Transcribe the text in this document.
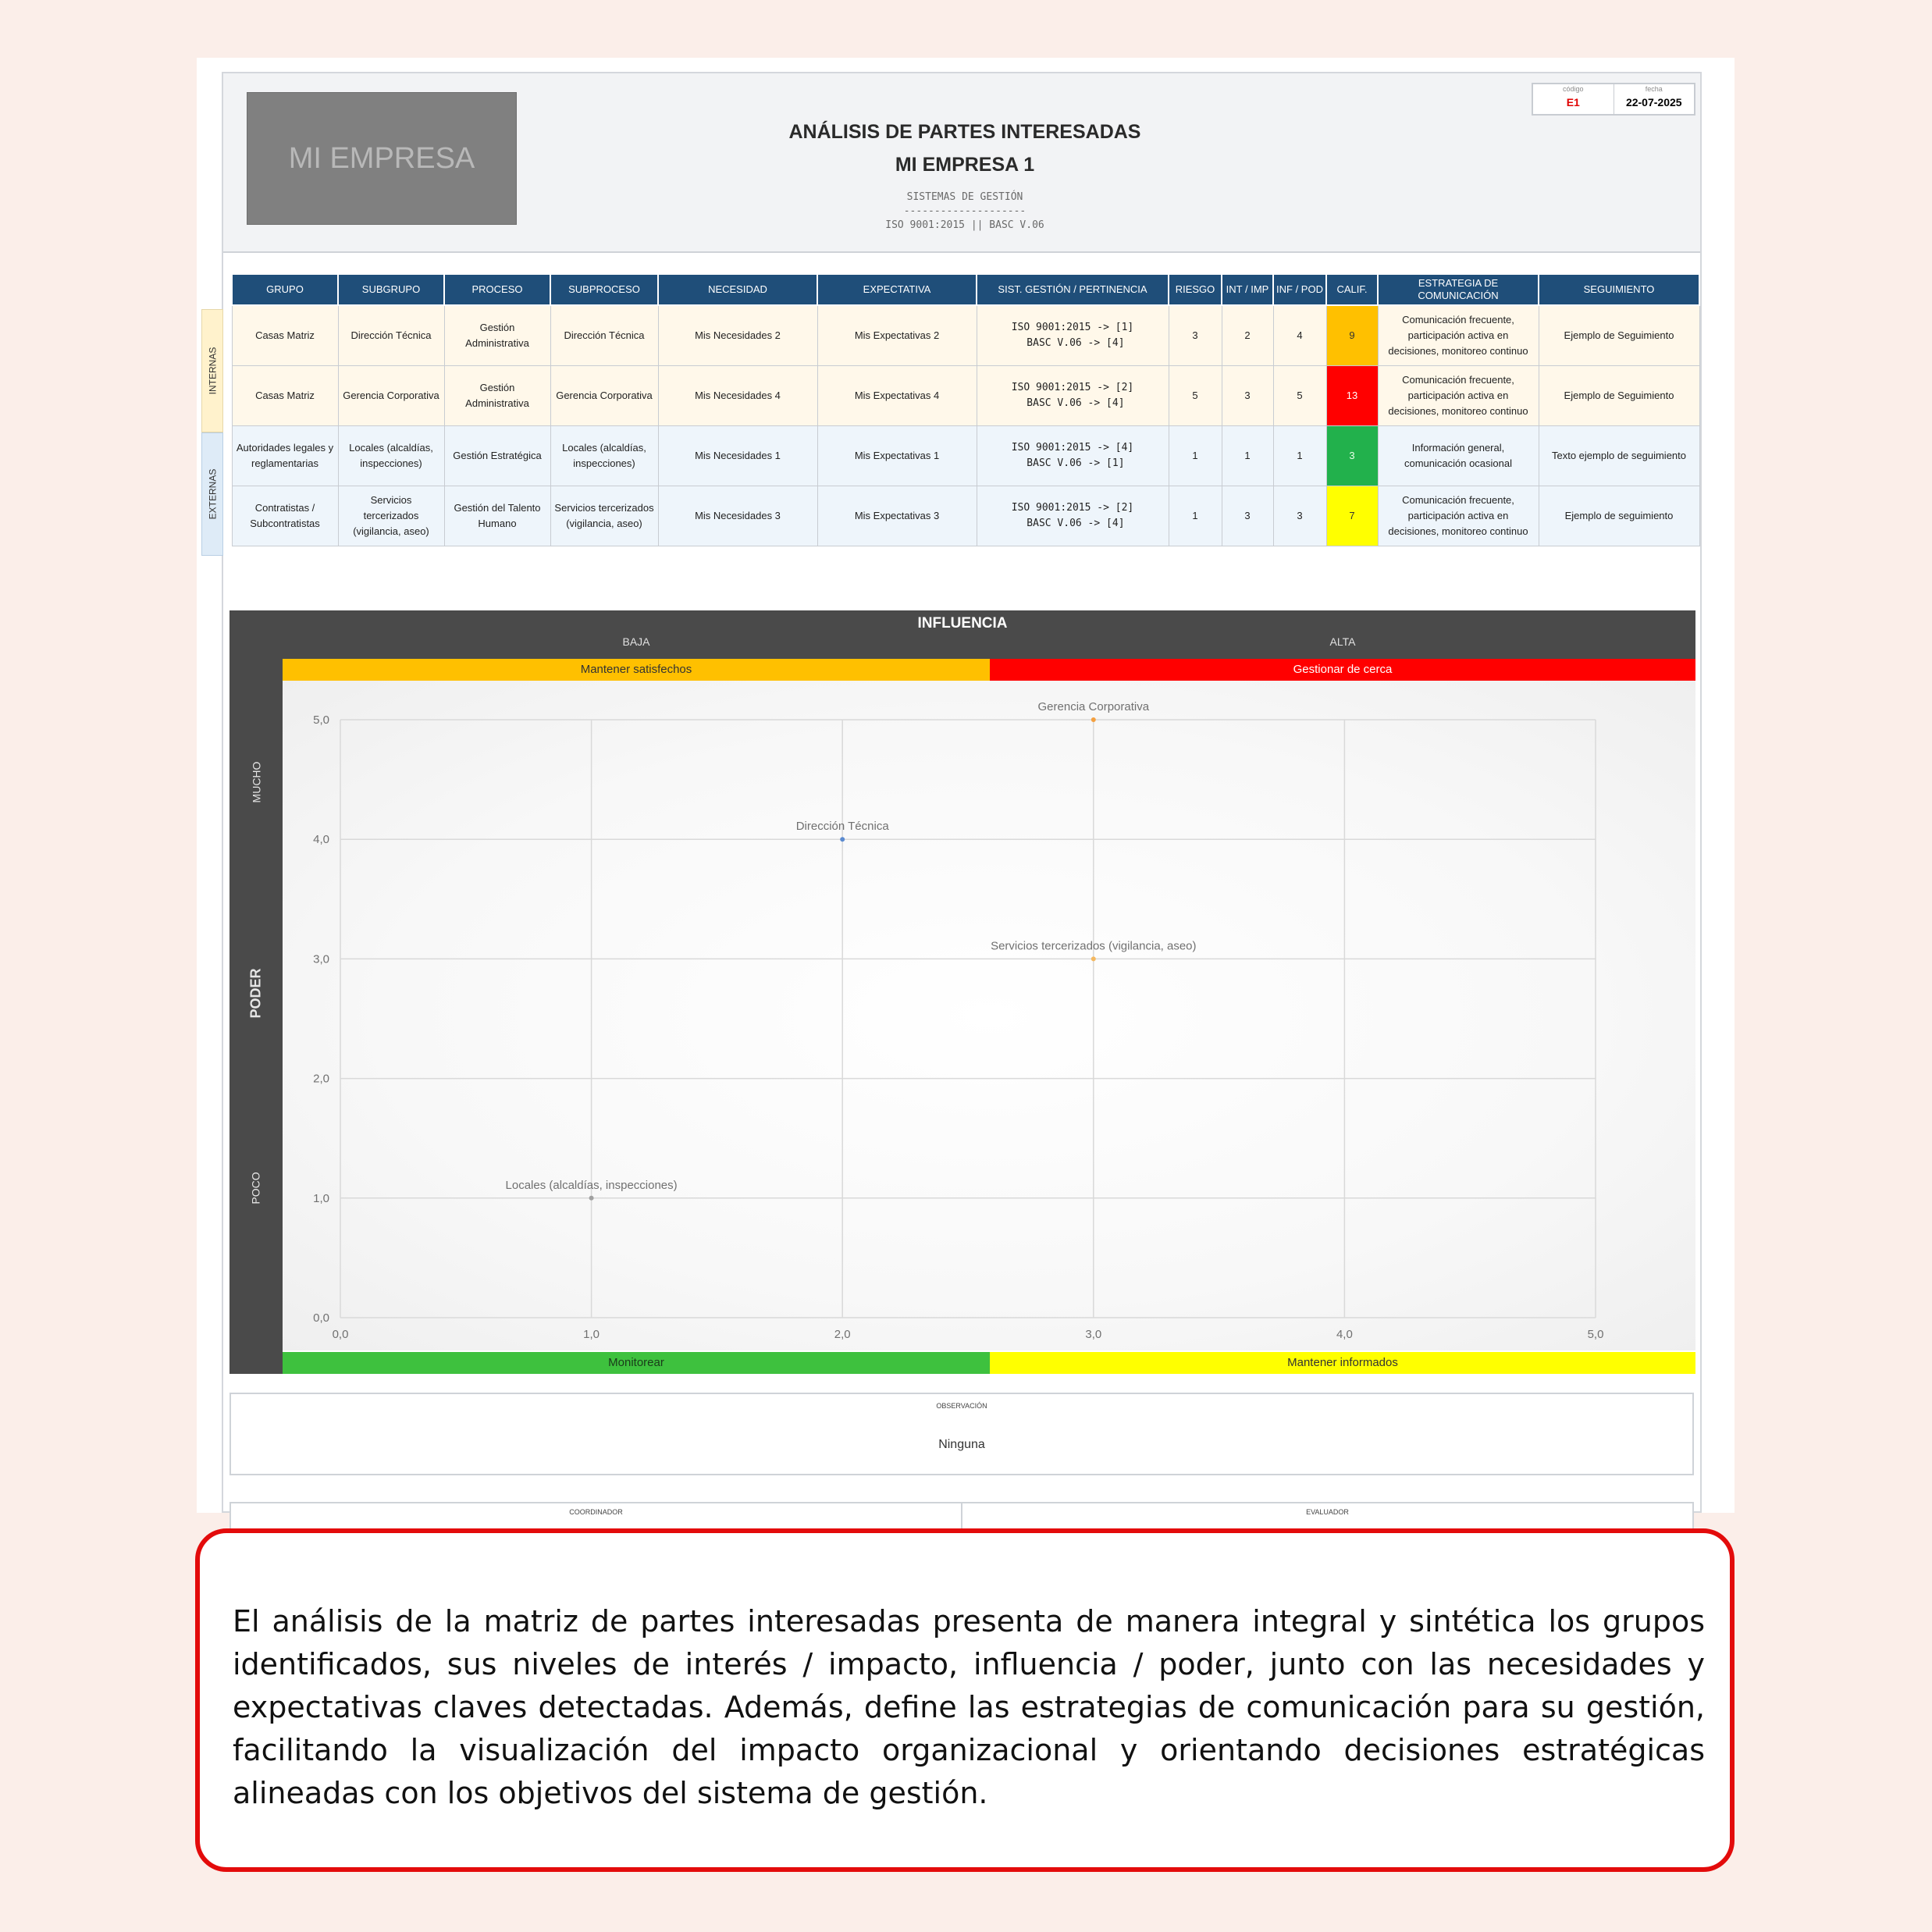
MI EMPRESA
ANÁLISIS DE PARTES INTERESADAS
MI EMPRESA 1
SISTEMAS DE GESTIÓN
--------------------
ISO 9001:2015 || BASC V.06
código
E1
fecha
22-07-2025
INTERNAS
EXTERNAS
GRUPO	SUBGRUPO	PROCESO	SUBPROCESO	NECESIDAD	EXPECTATIVA	SIST. GESTIÓN / PERTINENCIA	RIESGO	INT / IMP	INF / POD	CALIF.	ESTRATEGIA DE COMUNICACIÓN	SEGUIMIENTO
Casas Matriz	Dirección Técnica	Gestión Administrativa	Dirección Técnica	Mis Necesidades 2	Mis Expectativas 2	ISO 9001:2015 -> [1]
BASC V.06 -> [4]	3	2	4	9	Comunicación frecuente, participación activa en decisiones, monitoreo continuo	Ejemplo de Seguimiento
Casas Matriz	Gerencia Corporativa	Gestión Administrativa	Gerencia Corporativa	Mis Necesidades 4	Mis Expectativas 4	ISO 9001:2015 -> [2]
BASC V.06 -> [4]	5	3	5	13	Comunicación frecuente, participación activa en decisiones, monitoreo continuo	Ejemplo de Seguimiento
Autoridades legales y reglamentarias	Locales (alcaldías, inspecciones)	Gestión Estratégica	Locales (alcaldías, inspecciones)	Mis Necesidades 1	Mis Expectativas 1	ISO 9001:2015 -> [4]
BASC V.06 -> [1]	1	1	1	3	Información general, comunicación ocasional	Texto ejemplo de seguimiento
Contratistas / Subcontratistas	Servicios tercerizados (vigilancia, aseo)	Gestión del Talento Humano	Servicios tercerizados (vigilancia, aseo)	Mis Necesidades 3	Mis Expectativas 3	ISO 9001:2015 -> [2]
BASC V.06 -> [4]	1	3	3	7	Comunicación frecuente, participación activa en decisiones, monitoreo continuo	Ejemplo de seguimiento
INFLUENCIA
BAJA	ALTA
Mantener satisfechos	Gestionar de cerca
Monitorear	Mantener informados
MUCHO
PODER
POCO
0,0	1,0	2,0	3,0	4,0	5,0
0,0
1,0
2,0
3,0
4,0
5,0
Gerencia Corporativa
Dirección Técnica
Servicios tercerizados (vigilancia, aseo)
Locales (alcaldías, inspecciones)
OBSERVACIÓN
Ninguna
COORDINADOR	EVALUADOR

El análisis de la matriz de partes interesadas presenta de manera integral y sintética los grupos identificados, sus niveles de interés / impacto, influencia / poder, junto con las necesidades y expectativas claves detectadas. Además, define las estrategias de comunicación para su gestión, facilitando la visualización del impacto organizacional y orientando decisiones estratégicas alineadas con los objetivos del sistema de gestión.
